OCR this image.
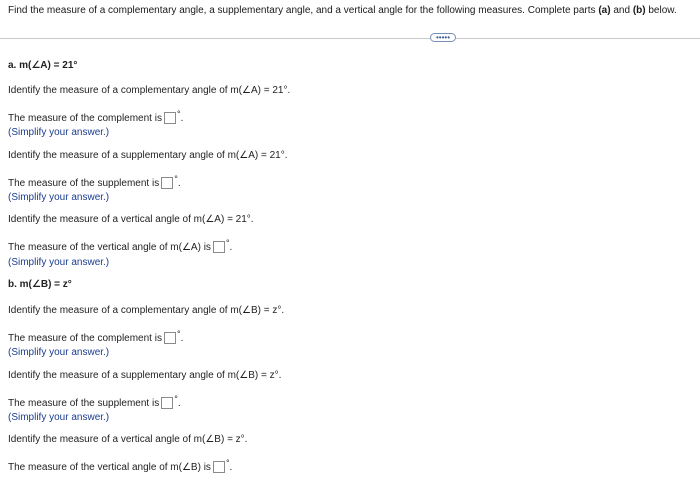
Find the measure of a complementary angle, a supplementary angle, and a vertical angle for the following measures. Complete parts (a) and (b) below.
•••••
a. m(∠A) = 21°
Identify the measure of a complementary angle of m(∠A) = 21°.
The measure of the complement is ° .
(Simplify your answer.)
Identify the measure of a supplementary angle of m(∠A) = 21°.
The measure of the supplement is ° .
(Simplify your answer.)
Identify the measure of a vertical angle of m(∠A) = 21°.
The measure of the vertical angle of m(∠A) is ° .
(Simplify your answer.)
b. m(∠B) = z°
Identify the measure of a complementary angle of m(∠B) = z°.
The measure of the complement is ° .
(Simplify your answer.)
Identify the measure of a supplementary angle of m(∠B) = z°.
The measure of the supplement is ° .
(Simplify your answer.)
Identify the measure of a vertical angle of m(∠B) = z°.
The measure of the vertical angle of m(∠B) is ° .
